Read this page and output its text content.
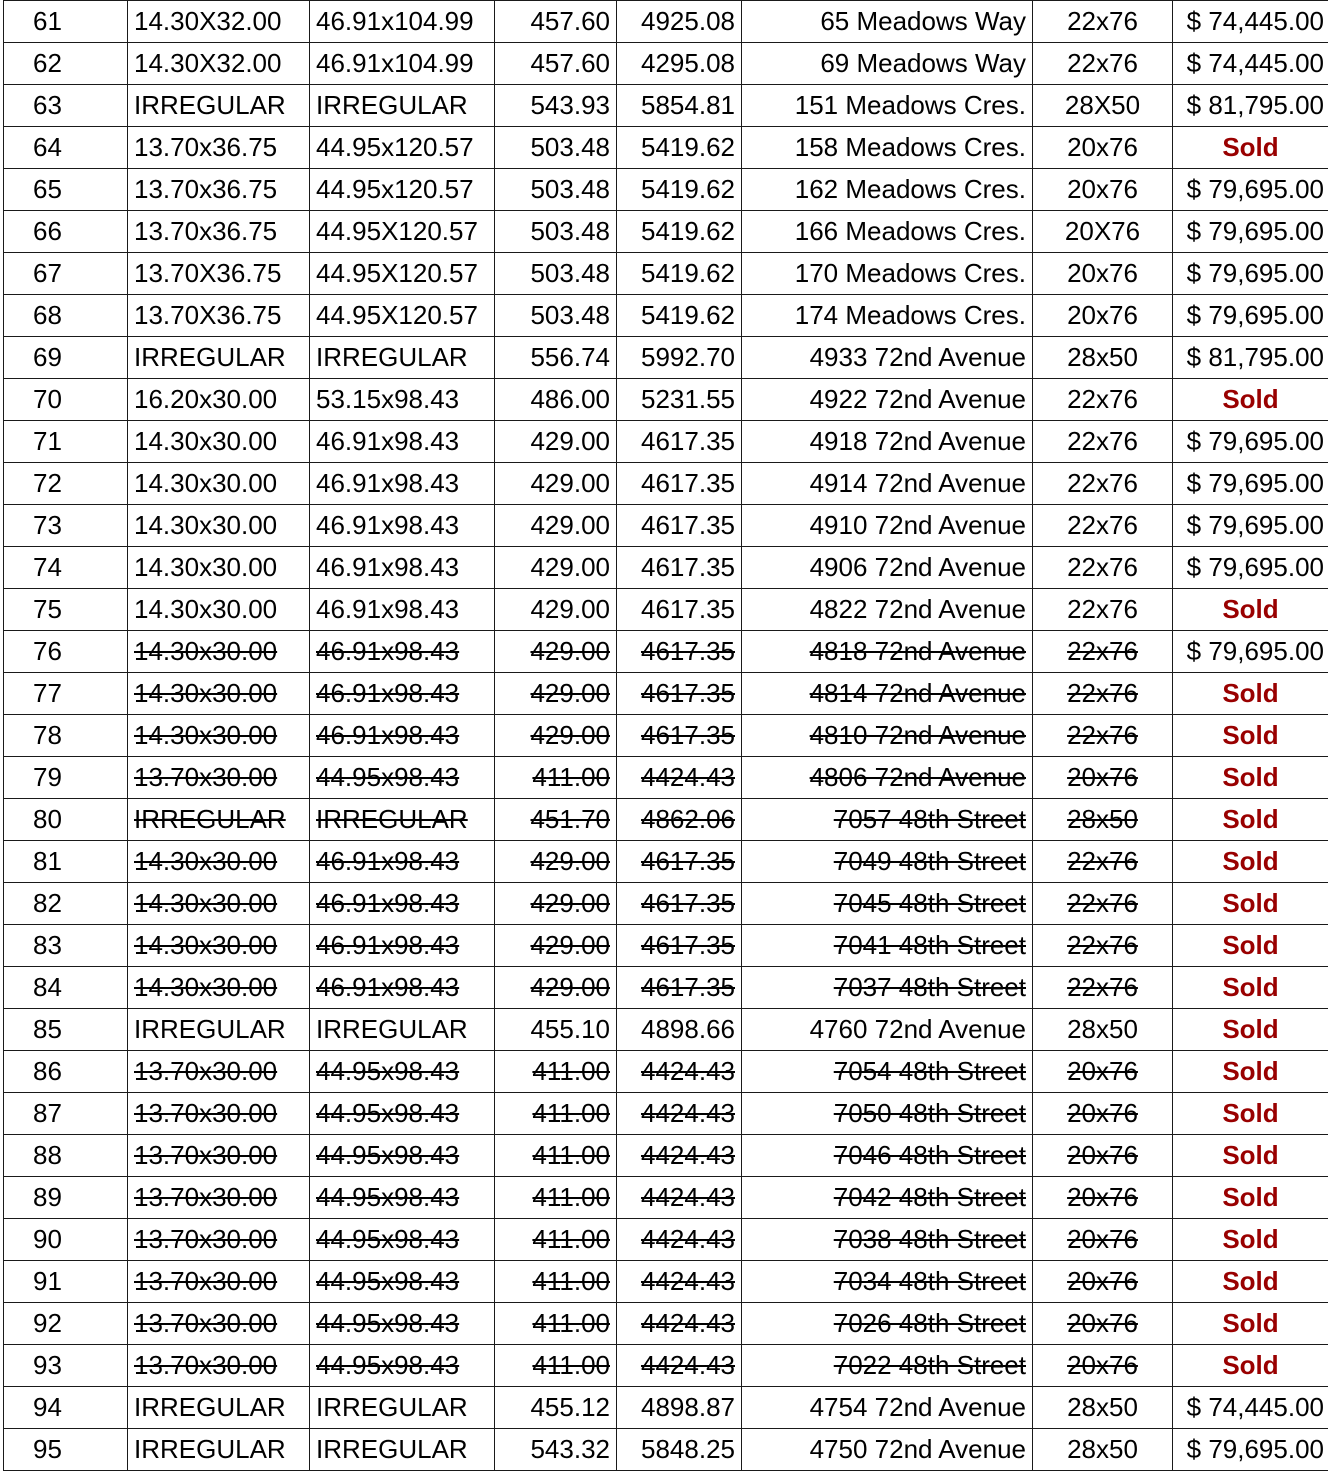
61	14.30X32.00	46.91x104.99	457.60	4925.08	65 Meadows Way	22x76	$ 74,445.00
62	14.30X32.00	46.91x104.99	457.60	4295.08	69 Meadows Way	22x76	$ 74,445.00
63	IRREGULAR	IRREGULAR	543.93	5854.81	151 Meadows Cres.	28X50	$ 81,795.00
64	13.70x36.75	44.95x120.57	503.48	5419.62	158 Meadows Cres.	20x76	Sold
65	13.70x36.75	44.95x120.57	503.48	5419.62	162 Meadows Cres.	20x76	$ 79,695.00
66	13.70x36.75	44.95X120.57	503.48	5419.62	166 Meadows Cres.	20X76	$ 79,695.00
67	13.70X36.75	44.95X120.57	503.48	5419.62	170 Meadows Cres.	20x76	$ 79,695.00
68	13.70X36.75	44.95X120.57	503.48	5419.62	174 Meadows Cres.	20x76	$ 79,695.00
69	IRREGULAR	IRREGULAR	556.74	5992.70	4933 72nd Avenue	28x50	$ 81,795.00
70	16.20x30.00	53.15x98.43	486.00	5231.55	4922 72nd Avenue	22x76	Sold
71	14.30x30.00	46.91x98.43	429.00	4617.35	4918 72nd Avenue	22x76	$ 79,695.00
72	14.30x30.00	46.91x98.43	429.00	4617.35	4914 72nd Avenue	22x76	$ 79,695.00
73	14.30x30.00	46.91x98.43	429.00	4617.35	4910 72nd Avenue	22x76	$ 79,695.00
74	14.30x30.00	46.91x98.43	429.00	4617.35	4906 72nd Avenue	22x76	$ 79,695.00
75	14.30x30.00	46.91x98.43	429.00	4617.35	4822 72nd Avenue	22x76	Sold
76	14.30x30.00	46.91x98.43	429.00	4617.35	4818 72nd Avenue	22x76	$ 79,695.00
77	14.30x30.00	46.91x98.43	429.00	4617.35	4814 72nd Avenue	22x76	Sold
78	14.30x30.00	46.91x98.43	429.00	4617.35	4810 72nd Avenue	22x76	Sold
79	13.70x30.00	44.95x98.43	411.00	4424.43	4806 72nd Avenue	20x76	Sold
80	IRREGULAR	IRREGULAR	451.70	4862.06	7057 48th Street	28x50	Sold
81	14.30x30.00	46.91x98.43	429.00	4617.35	7049 48th Street	22x76	Sold
82	14.30x30.00	46.91x98.43	429.00	4617.35	7045 48th Street	22x76	Sold
83	14.30x30.00	46.91x98.43	429.00	4617.35	7041 48th Street	22x76	Sold
84	14.30x30.00	46.91x98.43	429.00	4617.35	7037 48th Street	22x76	Sold
85	IRREGULAR	IRREGULAR	455.10	4898.66	4760 72nd Avenue	28x50	Sold
86	13.70x30.00	44.95x98.43	411.00	4424.43	7054 48th Street	20x76	Sold
87	13.70x30.00	44.95x98.43	411.00	4424.43	7050 48th Street	20x76	Sold
88	13.70x30.00	44.95x98.43	411.00	4424.43	7046 48th Street	20x76	Sold
89	13.70x30.00	44.95x98.43	411.00	4424.43	7042 48th Street	20x76	Sold
90	13.70x30.00	44.95x98.43	411.00	4424.43	7038 48th Street	20x76	Sold
91	13.70x30.00	44.95x98.43	411.00	4424.43	7034 48th Street	20x76	Sold
92	13.70x30.00	44.95x98.43	411.00	4424.43	7026 48th Street	20x76	Sold
93	13.70x30.00	44.95x98.43	411.00	4424.43	7022 48th Street	20x76	Sold
94	IRREGULAR	IRREGULAR	455.12	4898.87	4754 72nd Avenue	28x50	$ 74,445.00
95	IRREGULAR	IRREGULAR	543.32	5848.25	4750 72nd Avenue	28x50	$ 79,695.00
